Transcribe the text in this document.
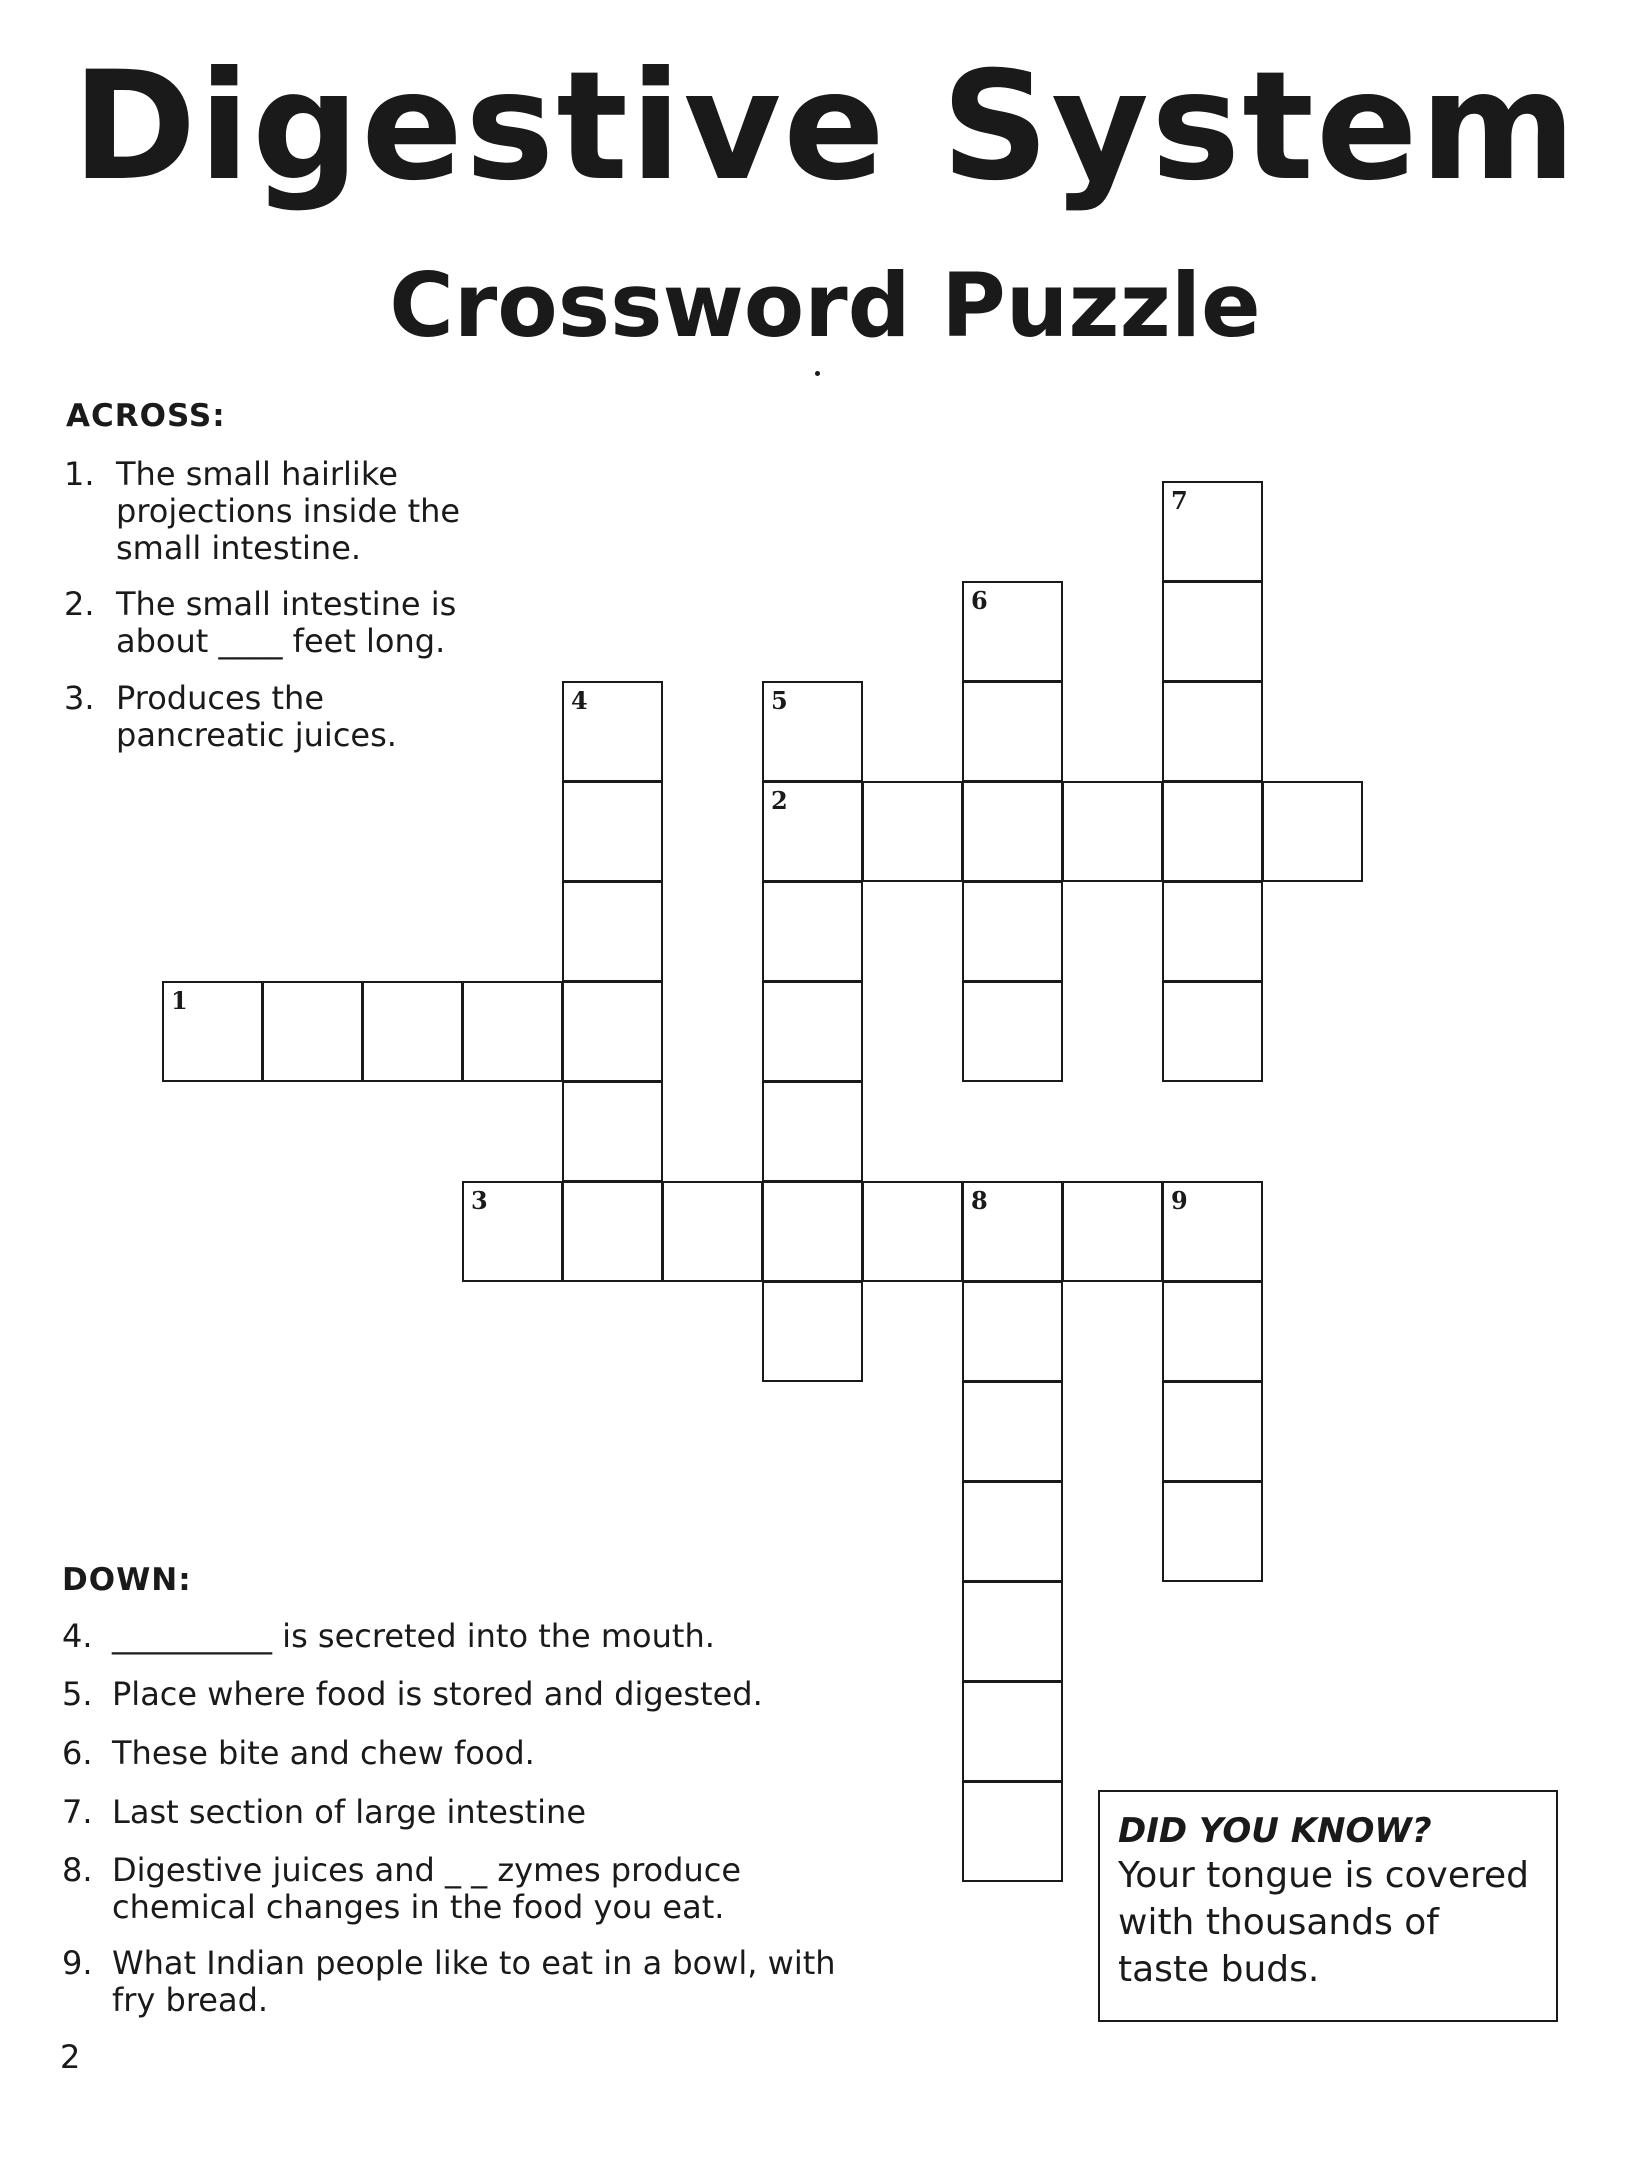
Digestive System
Crossword Puzzle
ACROSS:
1. The small hairlike projections inside the small intestine.
2. The small intestine is about ____ feet long.
3. Produces the pancreatic juices.
7
6
4	5
2
1
3	8	9
DOWN:
4. __________ is secreted into the mouth.
5. Place where food is stored and digested.
6. These bite and chew food.
7. Last section of large intestine
8. Digestive juices and _ _ zymes produce chemical changes in the food you eat.
9. What Indian people like to eat in a bowl, with fry bread.
DID YOU KNOW?
Your tongue is covered with thousands of taste buds.
2
